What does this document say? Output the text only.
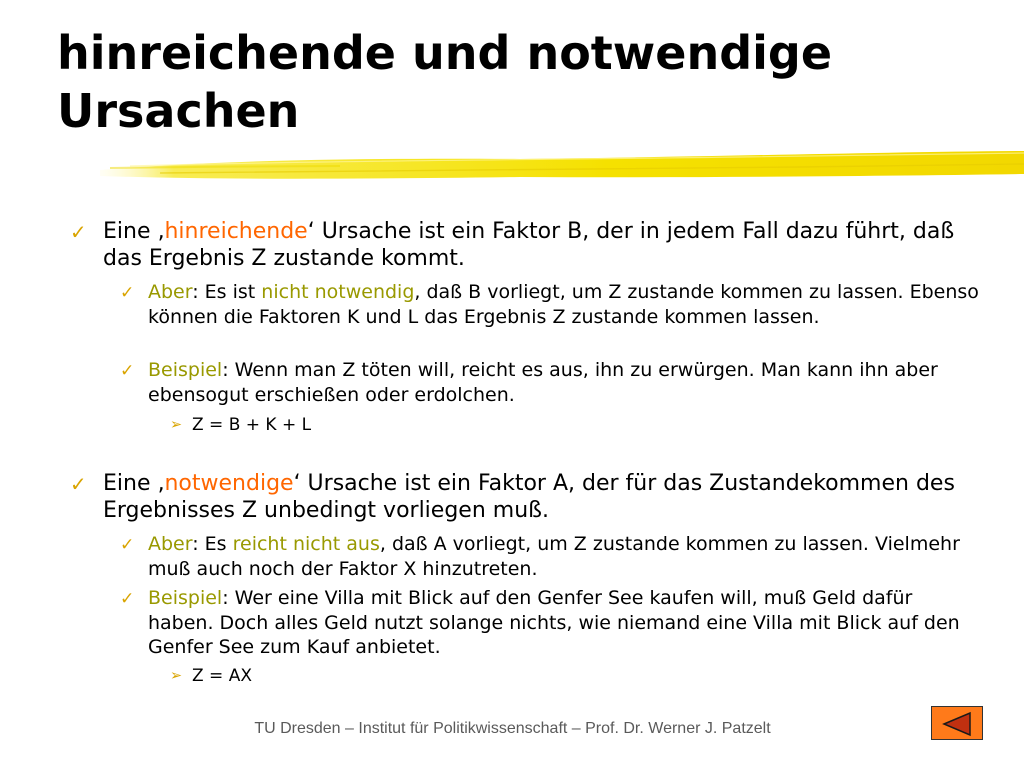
hinreichende und notwendige
Ursachen
✓ Eine ‚hinreichende‘ Ursache ist ein Faktor B, der in jedem Fall dazu führt, daß das Ergebnis Z zustande kommt.
✓ Aber: Es ist nicht notwendig, daß B vorliegt, um Z zustande kommen zu lassen. Ebenso können die Faktoren K und L das Ergebnis Z zustande kommen lassen.
✓ Beispiel: Wenn man Z töten will, reicht es aus, ihn zu erwürgen. Man kann ihn aber ebensogut erschießen oder erdolchen.
➢ Z = B + K + L
✓ Eine ‚notwendige‘ Ursache ist ein Faktor A, der für das Zustandekommen des Ergebnisses Z unbedingt vorliegen muß.
✓ Aber: Es reicht nicht aus, daß A vorliegt, um Z zustande kommen zu lassen. Vielmehr muß auch noch der Faktor X hinzutreten.
✓ Beispiel: Wer eine Villa mit Blick auf den Genfer See kaufen will, muß Geld dafür haben. Doch alles Geld nutzt solange nichts, wie niemand eine Villa mit Blick auf den Genfer See zum Kauf anbietet.
➢ Z = AX
TU Dresden – Institut für Politikwissenschaft – Prof. Dr. Werner J. Patzelt
